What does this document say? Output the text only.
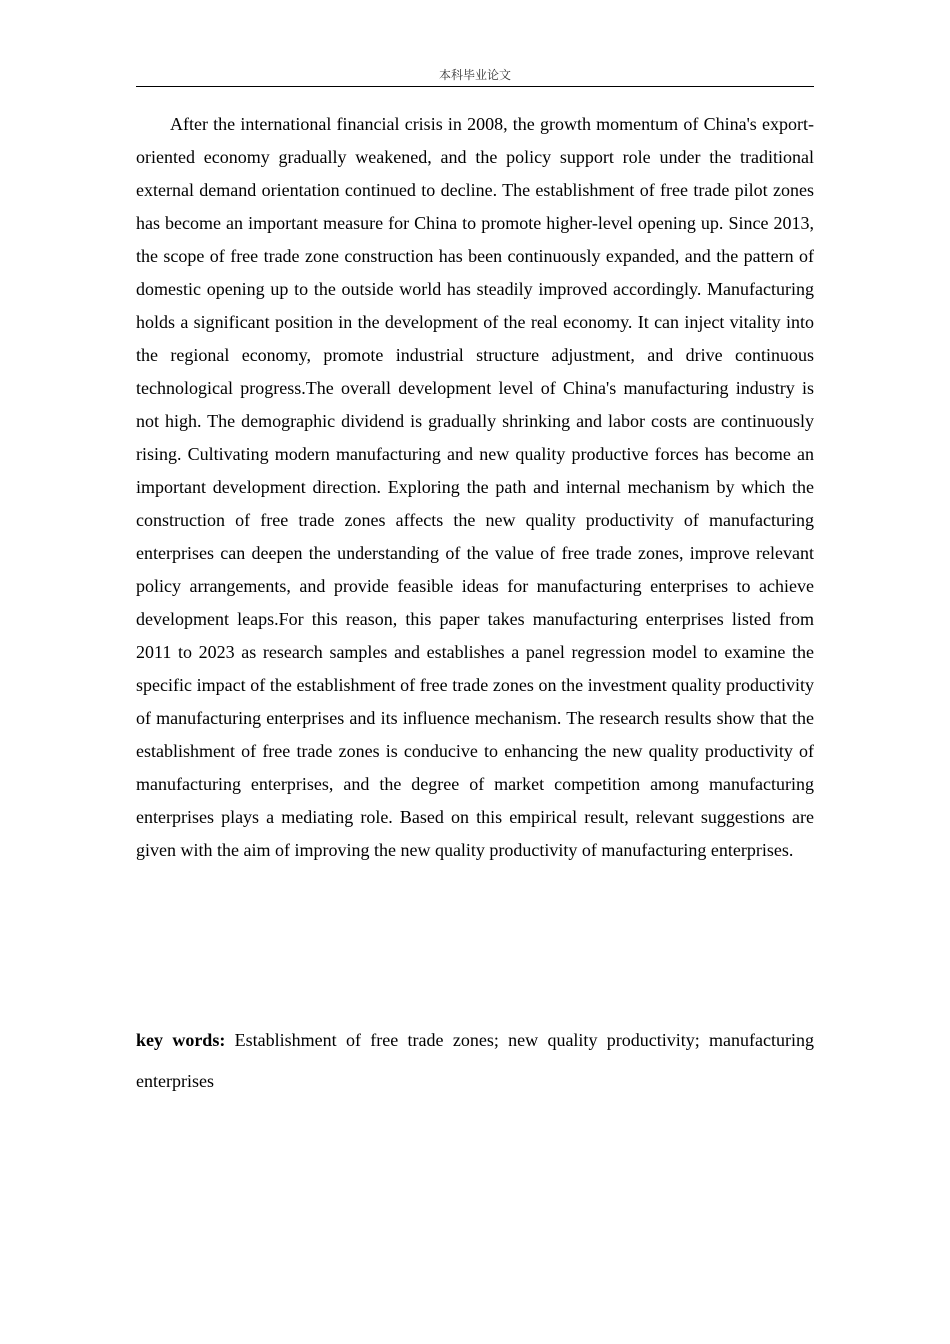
本科毕业论文

After the international financial crisis in 2008, the growth momentum of China's export-oriented economy gradually weakened, and the policy support role under the traditional external demand orientation continued to decline. The establishment of free trade pilot zones has become an important measure for China to promote higher-level opening up. Since 2013, the scope of free trade zone construction has been continuously expanded, and the pattern of domestic opening up to the outside world has steadily improved accordingly. Manufacturing holds a significant position in the development of the real economy. It can inject vitality into the regional economy, promote industrial structure adjustment, and drive continuous technological progress.The overall development level of China's manufacturing industry is not high. The demographic dividend is gradually shrinking and labor costs are continuously rising. Cultivating modern manufacturing and new quality productive forces has become an important development direction. Exploring the path and internal mechanism by which the construction of free trade zones affects the new quality productivity of manufacturing enterprises can deepen the understanding of the value of free trade zones, improve relevant policy arrangements, and provide feasible ideas for manufacturing enterprises to achieve development leaps.For this reason, this paper takes manufacturing enterprises listed from 2011 to 2023 as research samples and establishes a panel regression model to examine the specific impact of the establishment of free trade zones on the investment quality productivity of manufacturing enterprises and its influence mechanism. The research results show that the establishment of free trade zones is conducive to enhancing the new quality productivity of manufacturing enterprises, and the degree of market competition among manufacturing enterprises plays a mediating role. Based on this empirical result, relevant suggestions are given with the aim of improving the new quality productivity of manufacturing enterprises.

key words: Establishment of free trade zones; new quality productivity; manufacturing enterprises
